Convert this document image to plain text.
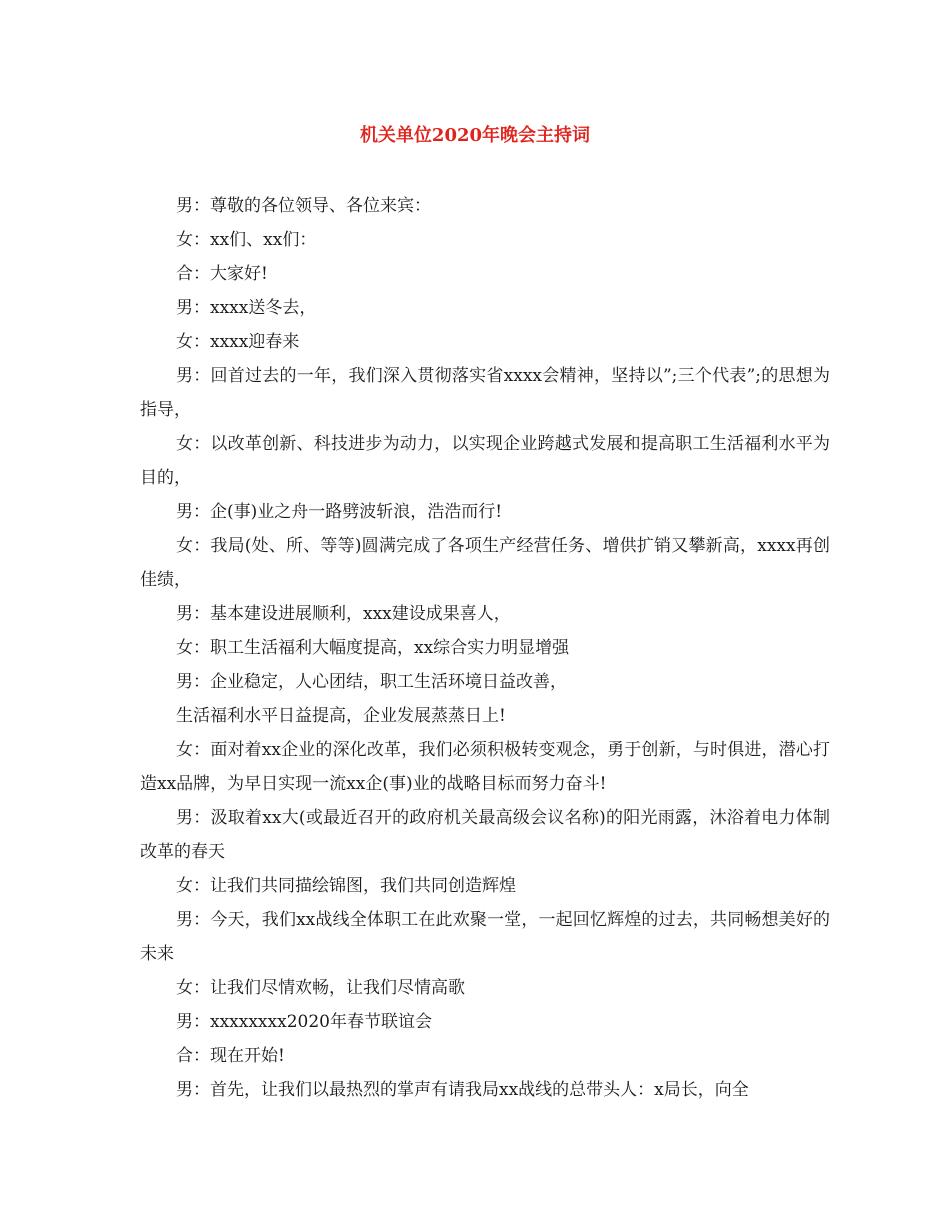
机关单位2020年晚会主持词

男：尊敬的各位领导、各位来宾：

女：xx们、xx们：

合：大家好!

男：xxxx送冬去，

女：xxxx迎春来

男：回首过去的一年，我们深入贯彻落实省xxxx会精神，坚持以”;三个代表”;的思想为指导，

女：以改革创新、科技进步为动力，以实现企业跨越式发展和提高职工生活福利水平为目的，

男：企(事)业之舟一路劈波斩浪，浩浩而行!

女：我局(处、所、等等)圆满完成了各项生产经营任务、增供扩销又攀新高，xxxx再创佳绩，

男：基本建设进展顺利，xxx建设成果喜人，

女：职工生活福利大幅度提高，xx综合实力明显增强

男：企业稳定，人心团结，职工生活环境日益改善，

生活福利水平日益提高，企业发展蒸蒸日上!

女：面对着xx企业的深化改革，我们必须积极转变观念，勇于创新，与时俱进，潜心打造xx品牌，为早日实现一流xx企(事)业的战略目标而努力奋斗!

男：汲取着xx大(或最近召开的政府机关最高级会议名称)的阳光雨露，沐浴着电力体制改革的春天

女：让我们共同描绘锦图，我们共同创造辉煌

男：今天，我们xx战线全体职工在此欢聚一堂，一起回忆辉煌的过去，共同畅想美好的未来

女：让我们尽情欢畅，让我们尽情高歌

男：xxxxxxxx2020年春节联谊会

合：现在开始!

男：首先，让我们以最热烈的掌声有请我局xx战线的总带头人：x局长，向全
